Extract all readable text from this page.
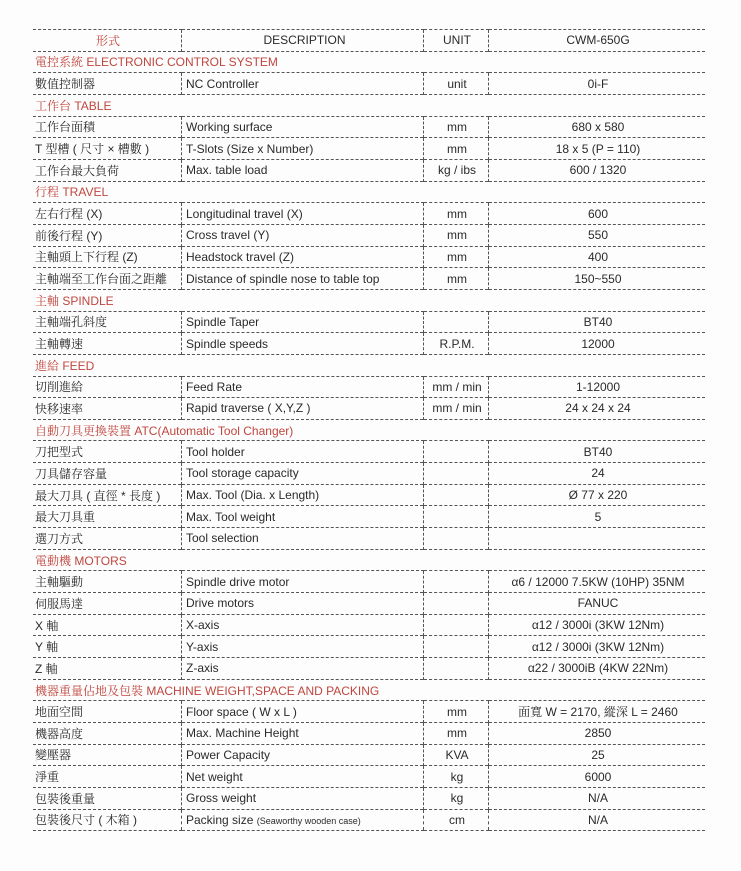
形式	DESCRIPTION	UNIT	CWM-650G
電控系統 ELECTRONIC CONTROL SYSTEM			
數值控制器	NC Controller	unit	0i-F
工作台 TABLE			
工作台面積	Working surface	mm	680 x 580
T 型槽 ( 尺寸 × 槽數 )	T-Slots (Size x Number)	mm	18 x 5 (P = 110)
工作台最大負荷	Max. table load	kg / ibs	600 / 1320
行程 TRAVEL			
左右行程 (X)	Longitudinal travel (X)	mm	600
前後行程 (Y)	Cross travel (Y)	mm	550
主軸頭上下行程 (Z)	Headstock travel (Z)	mm	400
主軸端至工作台面之距離	Distance of spindle nose to table top	mm	150~550
主軸 SPINDLE			
主軸端孔斜度	Spindle Taper		BT40
主軸轉速	Spindle speeds	R.P.M.	12000
進給 FEED			
切削進給	Feed Rate	mm / min	1-12000
快移速率	Rapid traverse ( X,Y,Z )	mm / min	24 x 24 x 24
自動刀具更換裝置 ATC(Automatic Tool Changer)			
刀把型式	Tool holder		BT40
刀具儲存容量	Tool storage capacity		24
最大刀具 ( 直徑 * 長度 )	Max. Tool (Dia. x Length)		Ø 77 x 220
最大刀具重	Max. Tool weight		5
選刀方式	Tool selection		
電動機 MOTORS			
主軸驅動	Spindle drive motor		α6 / 12000 7.5KW (10HP) 35NM
伺服馬達	Drive motors		FANUC
X 軸	X-axis		α12 / 3000i (3KW 12Nm)
Y 軸	Y-axis		α12 / 3000i (3KW 12Nm)
Z 軸	Z-axis		α22 / 3000iB (4KW 22Nm)
機器重量佔地及包裝 MACHINE WEIGHT,SPACE AND PACKING			
地面空間	Floor space ( W x L )	mm	面寬 W = 2170, 縱深 L = 2460
機器高度	Max. Machine Height	mm	2850
變壓器	Power Capacity	KVA	25
淨重	Net weight	kg	6000
包裝後重量	Gross weight	kg	N/A
包裝後尺寸 ( 木箱 )	Packing size (Seaworthy wooden case)	cm	N/A
